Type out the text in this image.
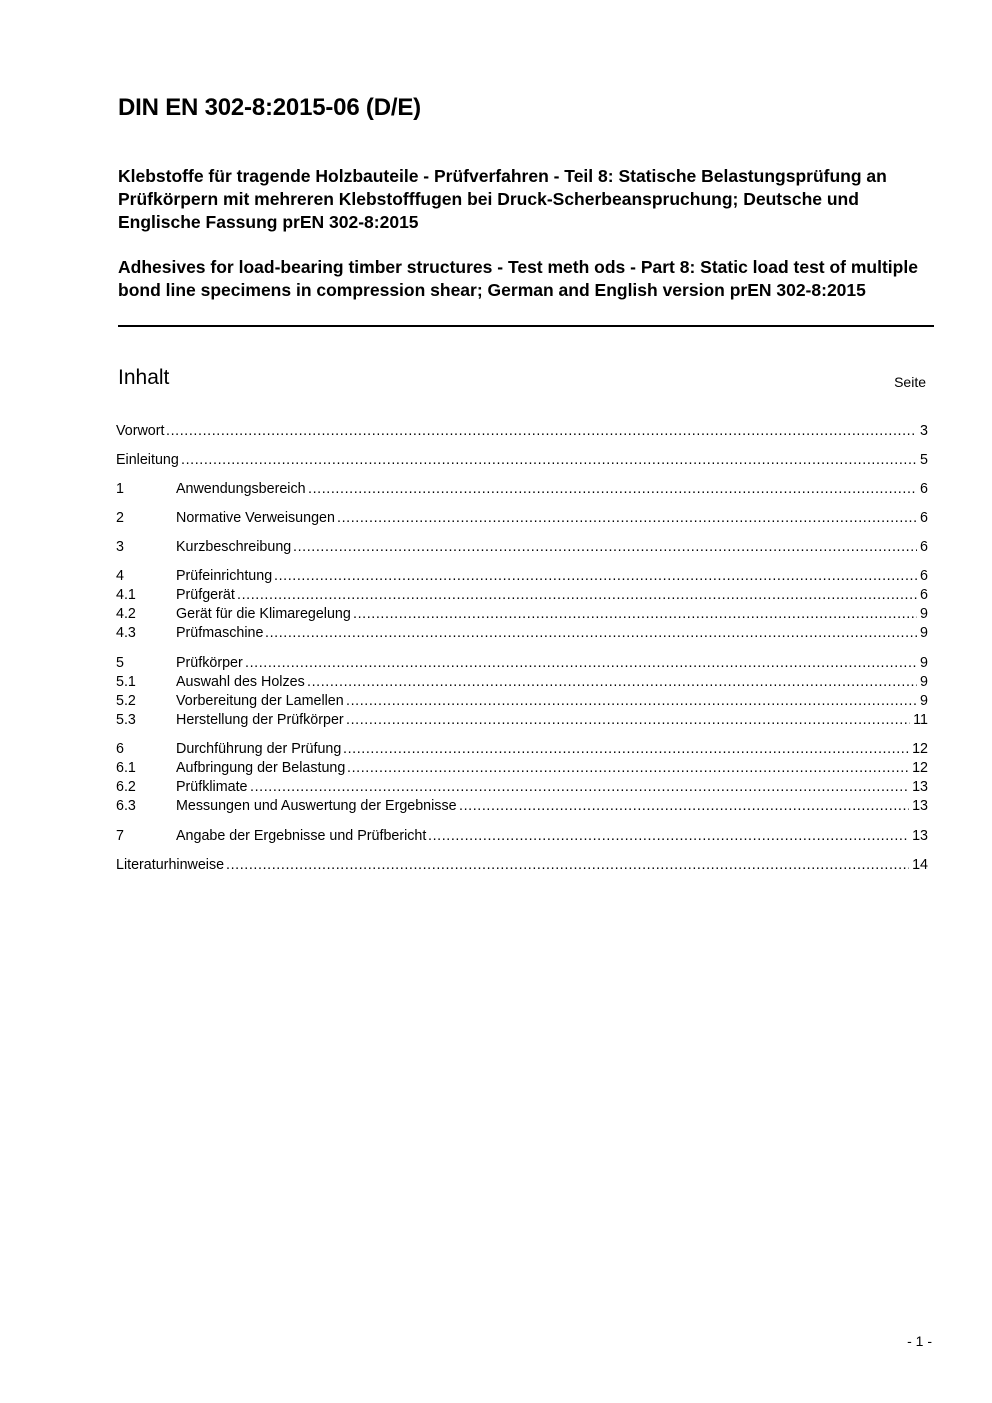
DIN EN 302-8:2015-06 (D/E)
Klebstoffe für tragende Holzbauteile - Prüfverfahren - Teil 8: Statische Belastungsprüfung an Prüfkörpern mit mehreren Klebstofffugen bei Druck-Scherbeanspruchung; Deutsche und Englische Fassung prEN 302-8:2015
Adhesives for load-bearing timber structures - Test meth ods - Part 8: Static load test of multiple bond line specimens in compression shear; German and English version prEN 302-8:2015
Inhalt	Seite
Vorwort .....	3
Einleitung .....	5
1	Anwendungsbereich .....	6
2	Normative Verweisungen .....	6
3	Kurzbeschreibung .....	6
4	Prüfeinrichtung .....	6
4.1	Prüfgerät .....	6
4.2	Gerät für die Klimaregelung .....	9
4.3	Prüfmaschine .....	9
5	Prüfkörper .....	9
5.1	Auswahl des Holzes .....	9
5.2	Vorbereitung der Lamellen .....	9
5.3	Herstellung der Prüfkörper .....	11
6	Durchführung der Prüfung .....	12
6.1	Aufbringung der Belastung .....	12
6.2	Prüfklimate .....	13
6.3	Messungen und Auswertung der Ergebnisse .....	13
7	Angabe der Ergebnisse und Prüfbericht .....	13
Literaturhinweise .....	14
- 1 -
